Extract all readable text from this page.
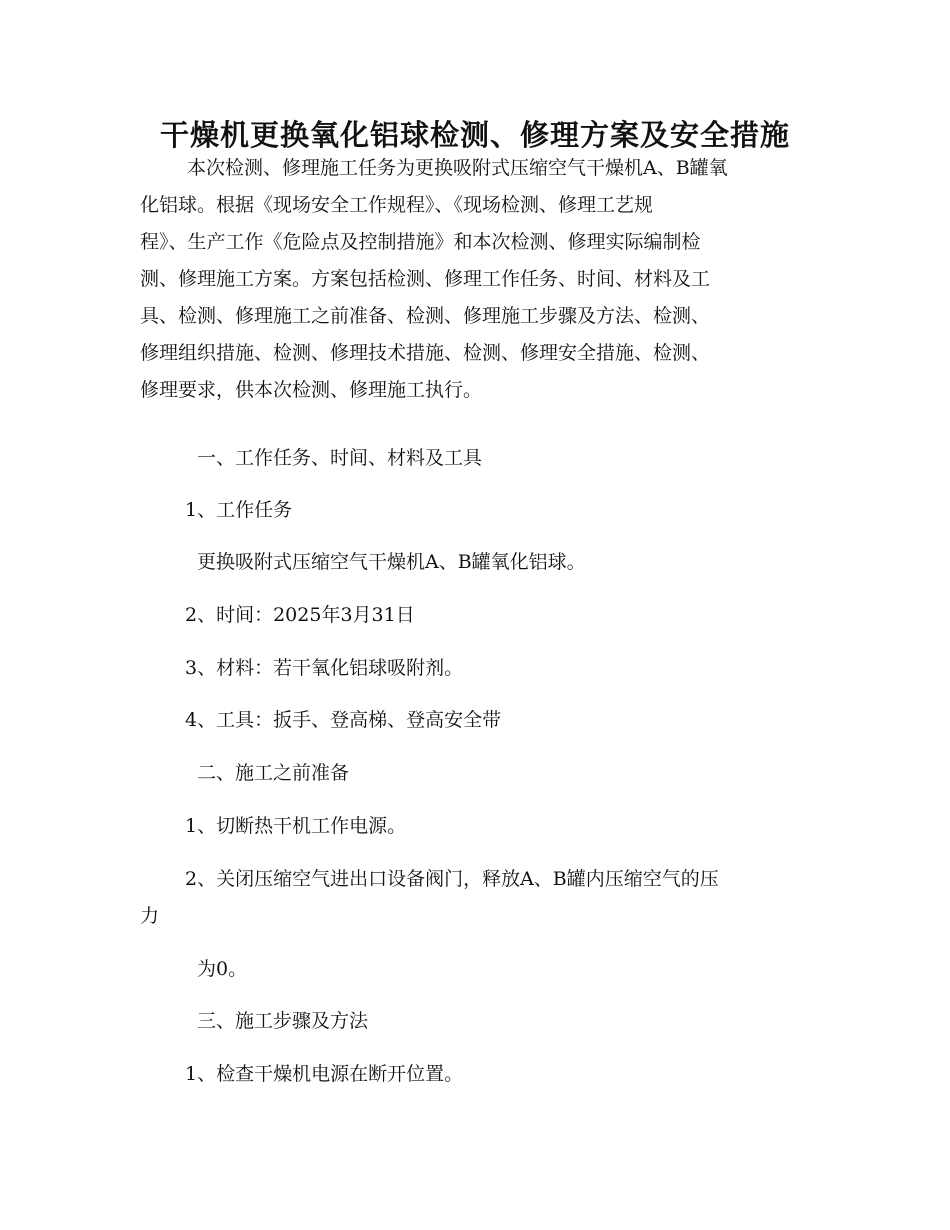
干燥机更换氧化铝球检测、修理方案及安全措施
本次检测、修理施工任务为更换吸附式压缩空气干燥机A、B罐氧
化铝球。根据《现场安全工作规程》、《现场检测、修理工艺规
程》、生产工作《危险点及控制措施》和本次检测、修理实际编制检
测、修理施工方案。方案包括检测、修理工作任务、时间、材料及工
具、检测、修理施工之前准备、检测、修理施工步骤及方法、检测、
修理组织措施、检测、修理技术措施、检测、修理安全措施、检测、
修理要求，供本次检测、修理施工执行。
一、工作任务、时间、材料及工具
1、工作任务
更换吸附式压缩空气干燥机A、B罐氧化铝球。
2、时间：2025年3月31日
3、材料：若干氧化铝球吸附剂。
4、工具：扳手、登高梯、登高安全带
二、施工之前准备
1、切断热干机工作电源。
2、关闭压缩空气进出口设备阀门，释放A、B罐内压缩空气的压
力
为0。
三、施工步骤及方法
1、检查干燥机电源在断开位置。
